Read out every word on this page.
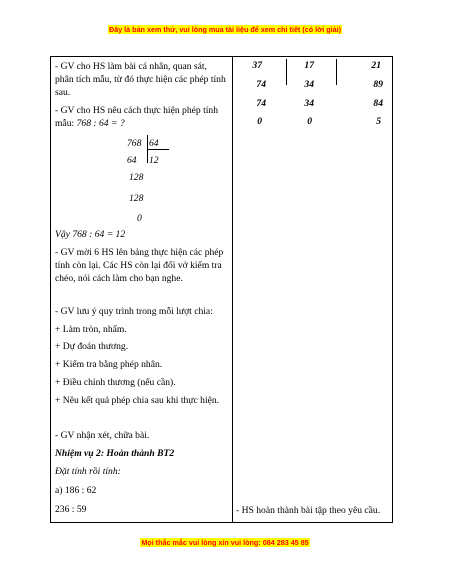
Đây là bản xem thử, vui lòng mua tài liệu để xem chi tiết (có lời giải)
- GV cho HS làm bài cá nhân, quan sát, phân tích mẫu, từ đó thực hiện các phép tính sau.
- GV cho HS nêu cách thực hiện phép tính mẫu: 768 : 64 = ?
768 64
64 12
128
128
0
Vậy 768 : 64 = 12
- GV mời 6 HS lên bảng thực hiện các phép tính còn lại. Các HS còn lại đổi vở kiểm tra chéo, nói cách làm cho bạn nghe.
- GV lưu ý quy trình trong mỗi lượt chia:
+ Làm tròn, nhẩm.
+ Dự đoán thương.
+ Kiểm tra bằng phép nhân.
+ Điều chỉnh thương (nếu cần).
+ Nêu kết quả phép chia sau khi thực hiện.
- GV nhận xét, chữa bài.
Nhiệm vụ 2: Hoàn thành BT2
Đặt tính rồi tính:
a) 186 : 62
236 : 59
37
74
74
0
17
34
34
0
21
89
84
5
- HS hoàn thành bài tập theo yêu cầu.
Mọi thắc mắc vui lòng xin vui lòng: 084 283 45 85
